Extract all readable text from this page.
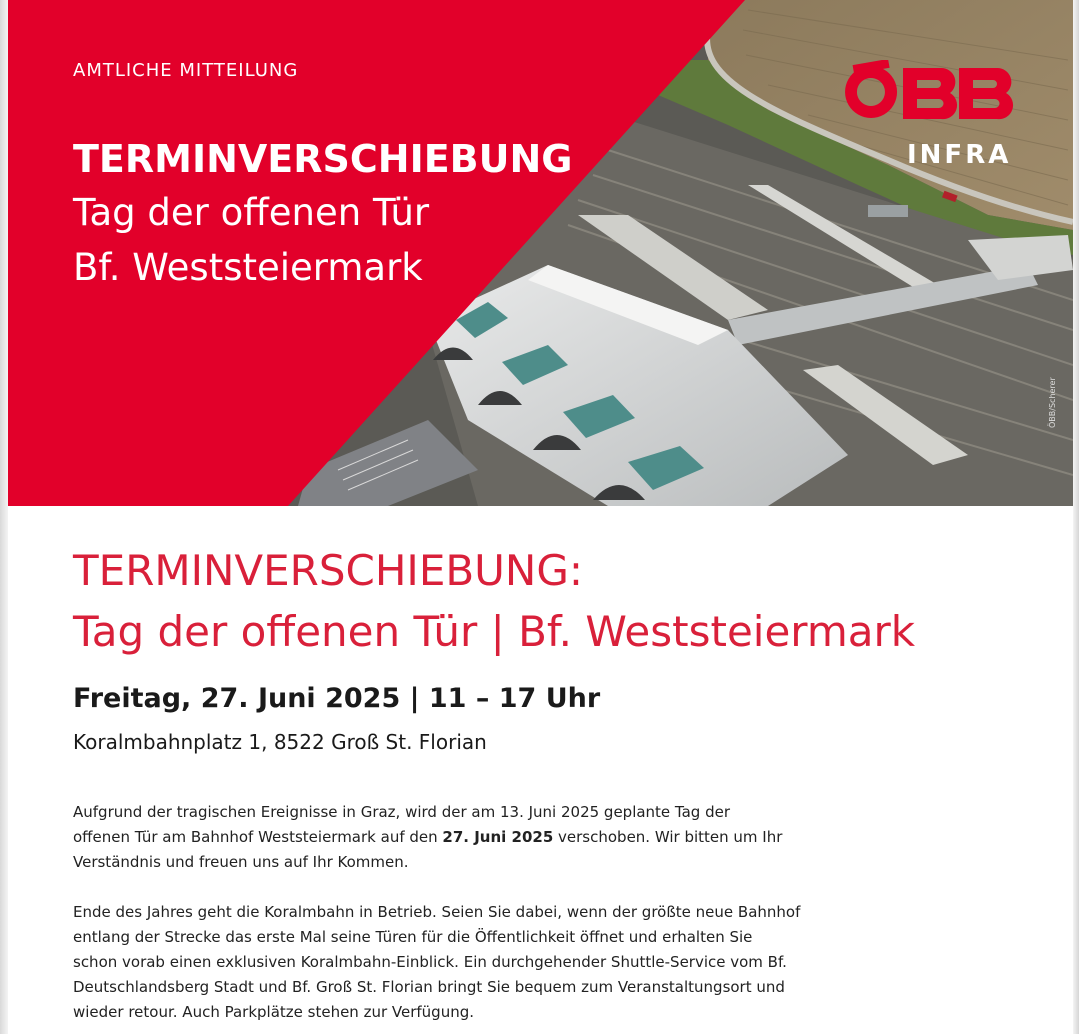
AMTLICHE MITTEILUNG
TERMINVERSCHIEBUNG
Tag der offenen Tür
Bf. Weststeiermark
INFRA
ÖBB/Scherer
TERMINVERSCHIEBUNG:
Tag der offenen Tür | Bf. Weststeiermark
Freitag, 27. Juni 2025 | 11 – 17 Uhr
Koralmbahnplatz 1, 8522 Groß St. Florian

Aufgrund der tragischen Ereignisse in Graz, wird der am 13. Juni 2025 geplante Tag der
offenen Tür am Bahnhof Weststeiermark auf den 27. Juni 2025 verschoben. Wir bitten um Ihr
Verständnis und freuen uns auf Ihr Kommen.

Ende des Jahres geht die Koralmbahn in Betrieb. Seien Sie dabei, wenn der größte neue Bahnhof
entlang der Strecke das erste Mal seine Türen für die Öffentlichkeit öffnet und erhalten Sie
schon vorab einen exklusiven Koralmbahn-Einblick. Ein durchgehender Shuttle-Service vom Bf.
Deutschlandsberg Stadt und Bf. Groß St. Florian bringt Sie bequem zum Veranstaltungsort und
wieder retour. Auch Parkplätze stehen zur Verfügung.
